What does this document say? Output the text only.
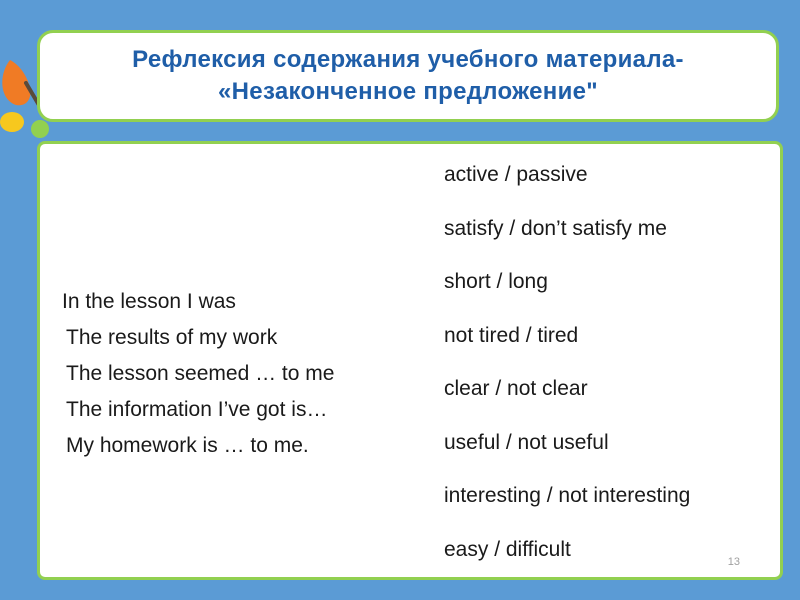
Рефлексия содержания учебного материала-
«Незаконченное предложение"
In the lesson I was
The results of my work
The lesson seemed … to me
The information I’ve got is…
My homework is … to me.
active / passive
satisfy / don’t satisfy me
short / long
not tired / tired
clear / not clear
useful / not useful
interesting / not interesting
easy / difficult
13
